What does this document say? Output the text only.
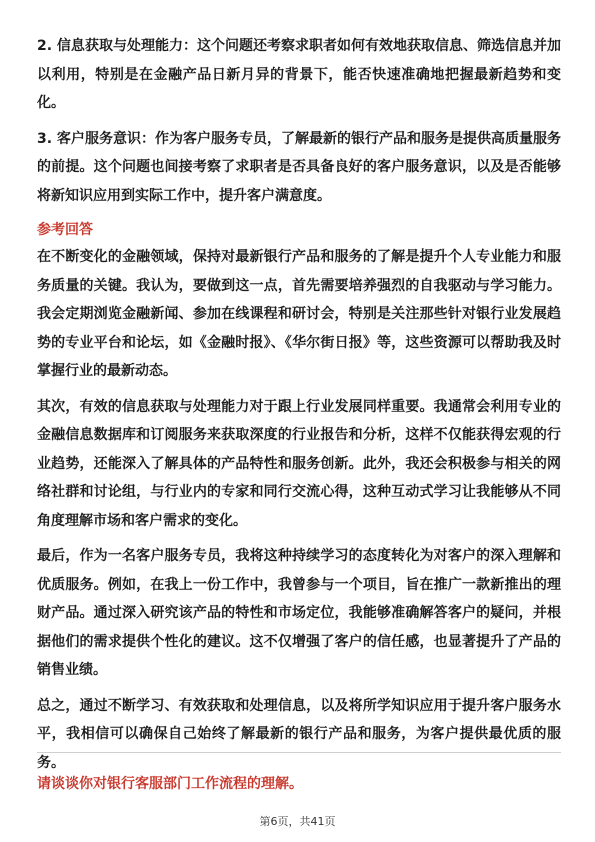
2. 信息获取与处理能力：这个问题还考察求职者如何有效地获取信息、筛选信息并加以利用，特别是在金融产品日新月异的背景下，能否快速准确地把握最新趋势和变化。

3. 客户服务意识：作为客户服务专员，了解最新的银行产品和服务是提供高质量服务的前提。这个问题也间接考察了求职者是否具备良好的客户服务意识，以及是否能够将新知识应用到实际工作中，提升客户满意度。

参考回答

在不断变化的金融领域，保持对最新银行产品和服务的了解是提升个人专业能力和服务质量的关键。我认为，要做到这一点，首先需要培养强烈的自我驱动与学习能力。我会定期浏览金融新闻、参加在线课程和研讨会，特别是关注那些针对银行业发展趋势的专业平台和论坛，如《金融时报》、《华尔街日报》等，这些资源可以帮助我及时掌握行业的最新动态。

其次，有效的信息获取与处理能力对于跟上行业发展同样重要。我通常会利用专业的金融信息数据库和订阅服务来获取深度的行业报告和分析，这样不仅能获得宏观的行业趋势，还能深入了解具体的产品特性和服务创新。此外，我还会积极参与相关的网络社群和讨论组，与行业内的专家和同行交流心得，这种互动式学习让我能够从不同角度理解市场和客户需求的变化。

最后，作为一名客户服务专员，我将这种持续学习的态度转化为对客户的深入理解和优质服务。例如，在我上一份工作中，我曾参与一个项目，旨在推广一款新推出的理财产品。通过深入研究该产品的特性和市场定位，我能够准确解答客户的疑问，并根据他们的需求提供个性化的建议。这不仅增强了客户的信任感，也显著提升了产品的销售业绩。

总之，通过不断学习、有效获取和处理信息，以及将所学知识应用于提升客户服务水平，我相信可以确保自己始终了解最新的银行产品和服务，为客户提供最优质的服务。

请谈谈你对银行客服部门工作流程的理解。

第6页，共41页
